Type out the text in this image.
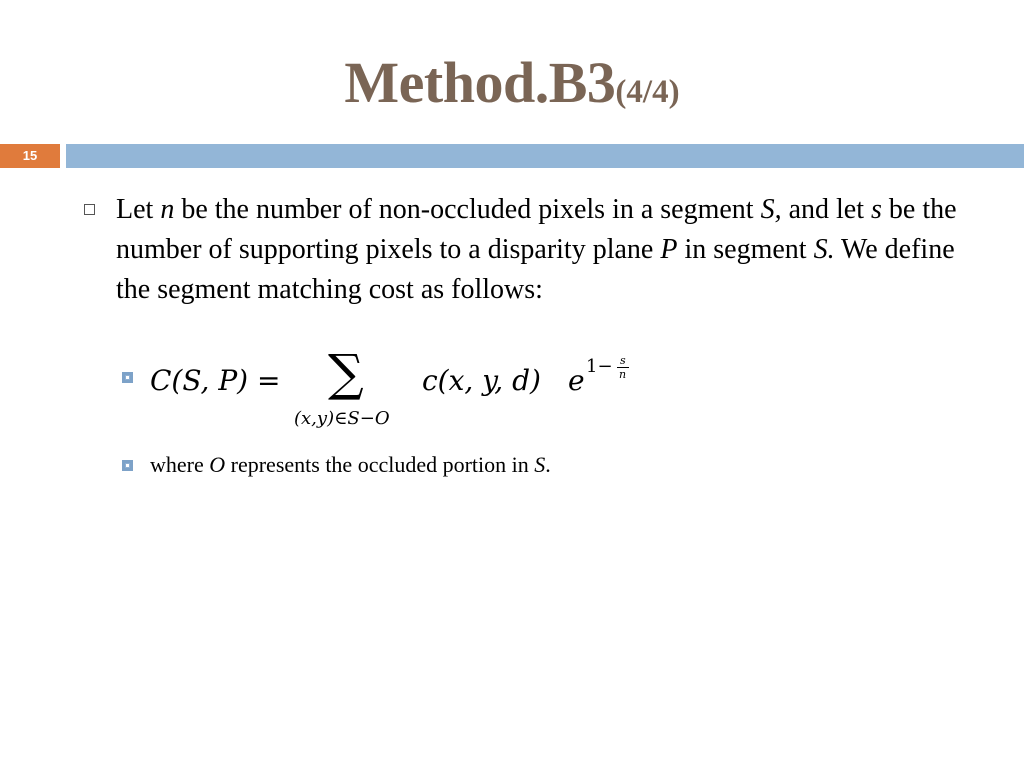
Method.B3(4/4)
15
Let n be the number of non-occluded pixels in a segment S, and let s be the number of supporting pixels to a disparity plane P in segment S. We define the segment matching cost as follows:
C(S, P) = ∑
(x,y)∈S−O
c(x, y, d) e 1− s
n
where O represents the occluded portion in S.
